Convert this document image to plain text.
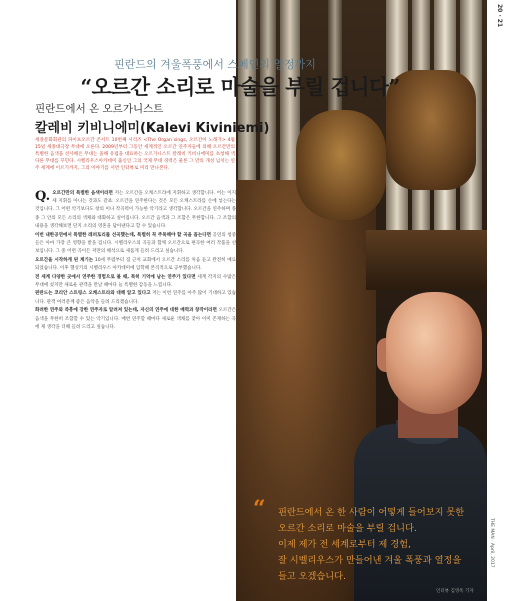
20 · 21
THE MAN · April, 2017

핀란드의 겨울폭풍에서 스페인의 열정까지

“오르간 소리로 마술을 부릴 겁니다”

핀란드에서 온 오르가니스트

칼레비 키비니에미(Kalevi Kiviniemi)

세종문화회관의 파이프오르간 콘서트 10번째 시리즈 <The Organ sings, 오르간이 노래가> 4월 15일 세종대극장 무대에 오른다. 2009년부터 그동안 세계적인 오르간 연주자들에 의해 오르간만의 특별한 음색을 선사해온 무대는 올해 유럽을 대표하는 오르가니스트 칼레비 키비니에미를 초청해 색다른 무대를 꾸민다. 시벨리우스아카데미 출신인 그의 국제 무대 경력은 물론 그 만의 개성 넘치는 연주 세계에 이르기까지, 그의 이야기를 서면 인터뷰로 미리 만나본다.

Q. 오르간만의 특별한 음색이라면 저는 오르간을 오케스트라에 지휘하고 생각합니다. 어는 이지 세 지휘를 아니는 것과도 같죠. 오르간을 연주한다는 것은 모든 오케스트라를 손에 넣는다는 것입니다. 그 어떤 악기보다도 창의 이나 작곡력이 가능한 악기라고 생각합니다. 오르간을 연주하며 종종 그 안의 모든 소리의 색채와 대화하고 싶어집니다. 오르간 음색과 그 조합은 무한합니다. 그 조합의 내용을 생각해보면 단지 소리의 영혼을 담아낸다고 할 수 있습니다.

이번 내한공연에서 특별한 레퍼토리를 선곡했는데, 특별히 꼭 주목해야 할 곡을 꼽는다면 공연의 청중들은 아마 가장 큰 영향을 받을 겁니다. 시벨리우스의 곡들과 함께 오르간으로 편곡한 여러 작품을 선보입니다. 그 중 어떤 곡이든 저만의 해석으로 새롭게 들려 드리고 싶습니다.

오르간을 시작하게 된 계기는 10세 무렵부터 집 근처 교회에서 오르간 소리를 처음 듣고 완전히 매료되었습니다. 이후 헬싱키의 시벨리우스 아카데미에 입학해 본격적으로 공부했습니다.

전 세계 다양한 곳에서 연주한 경험으로 볼 때, 특히 기억에 남는 연주가 있다면 세계 각지의 수많은 무대에 섰지만 새로운 관객을 만날 때마다 늘 특별한 감동을 느낍니다.

핀란드는 코리안 스트링스 오케스트라와 대해 알고 있다고 저는 이번 연주를 아주 많이 기대하고 있습니다. 관객 여러분께 좋은 음악을 들려 드리겠습니다.

화려한 연주와 즉흥에 강한 연주자로 알려져 있는데, 자신의 연주에 대한 매력과 창작이라면 오르간은 음색을 무한히 조합할 수 있는 악기입니다. 매번 연주할 때마다 새로운 색채를 찾아 이미 존재하는 곡에 제 생각을 더해 들려 드리고 싶습니다.

“ 핀란드에서 온 한 사람이 어떻게 들어보지 못한
오르간 소리로 마술을 부릴 겁니다.
이제 제가 전 세계로부터 제 경험,
잘 시벨리우스가 만들어낸 겨울 폭풍과 열정을
들고 오겠습니다.

인터뷰 김영옥 기자
